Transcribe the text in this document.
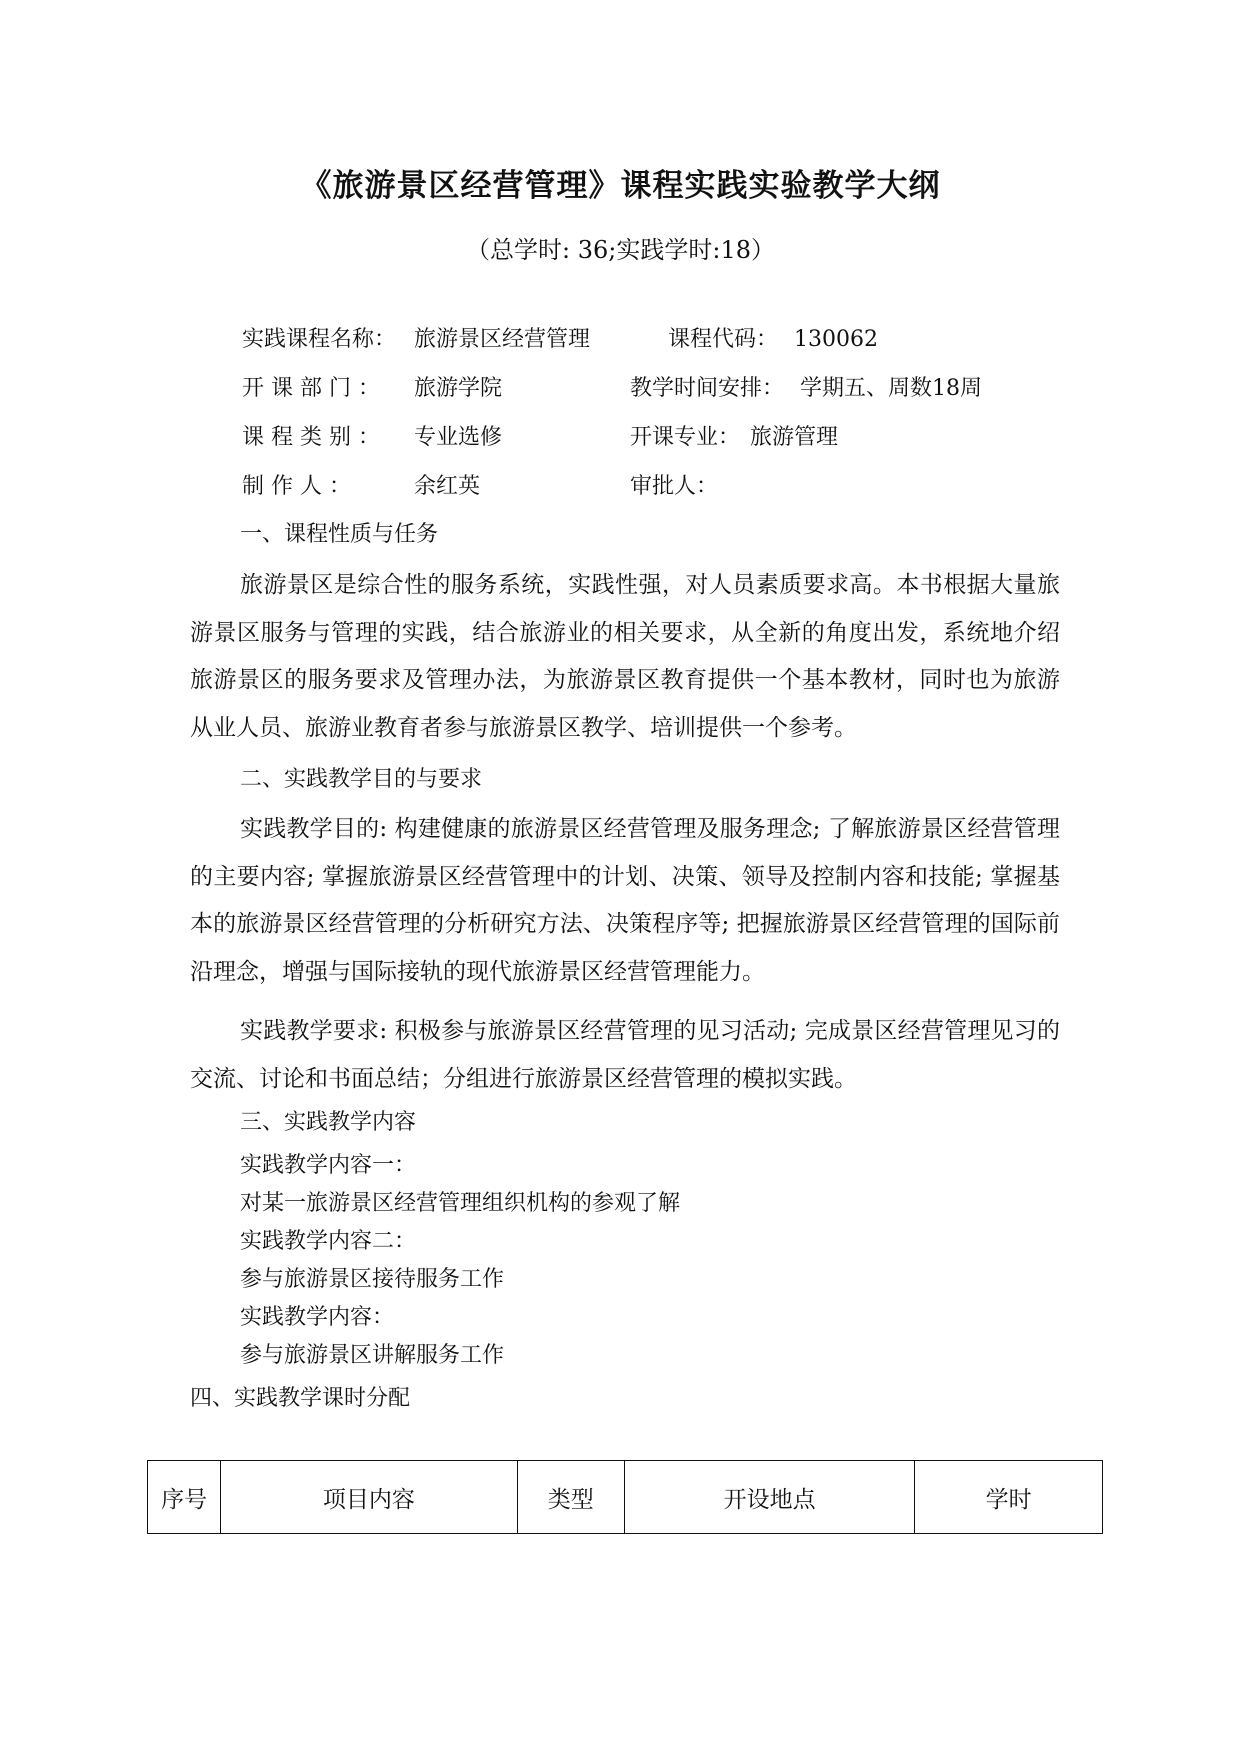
《旅游景区经营管理》课程实践实验教学大纲
（总学时: 36;实践学时:18）
实践课程名称： 旅游景区经营管理	课程代码： 130062
开 课 部 门 ： 旅游学院	教学时间安排： 学期五、周数18周
课 程 类 别 ： 专业选修	开课专业： 旅游管理
制 作 人 ：	余红英	审批人：
一、课程性质与任务
旅游景区是综合性的服务系统，实践性强，对人员素质要求高。本书根据大量旅游景区服务与管理的实践，结合旅游业的相关要求，从全新的角度出发，系统地介绍旅游景区的服务要求及管理办法，为旅游景区教育提供一个基本教材，同时也为旅游从业人员、旅游业教育者参与旅游景区教学、培训提供一个参考。
二、实践教学目的与要求
实践教学目的: 构建健康的旅游景区经营管理及服务理念; 了解旅游景区经营管理的主要内容; 掌握旅游景区经营管理中的计划、决策、领导及控制内容和技能; 掌握基本的旅游景区经营管理的分析研究方法、决策程序等; 把握旅游景区经营管理的国际前沿理念，增强与国际接轨的现代旅游景区经营管理能力。
实践教学要求: 积极参与旅游景区经营管理的见习活动; 完成景区经营管理见习的交流、讨论和书面总结；分组进行旅游景区经营管理的模拟实践。
三、实践教学内容
实践教学内容一：
对某一旅游景区经营管理组织机构的参观了解
实践教学内容二：
参与旅游景区接待服务工作
实践教学内容：
参与旅游景区讲解服务工作
四、实践教学课时分配
序号	项目内容	类型	开设地点	学时
